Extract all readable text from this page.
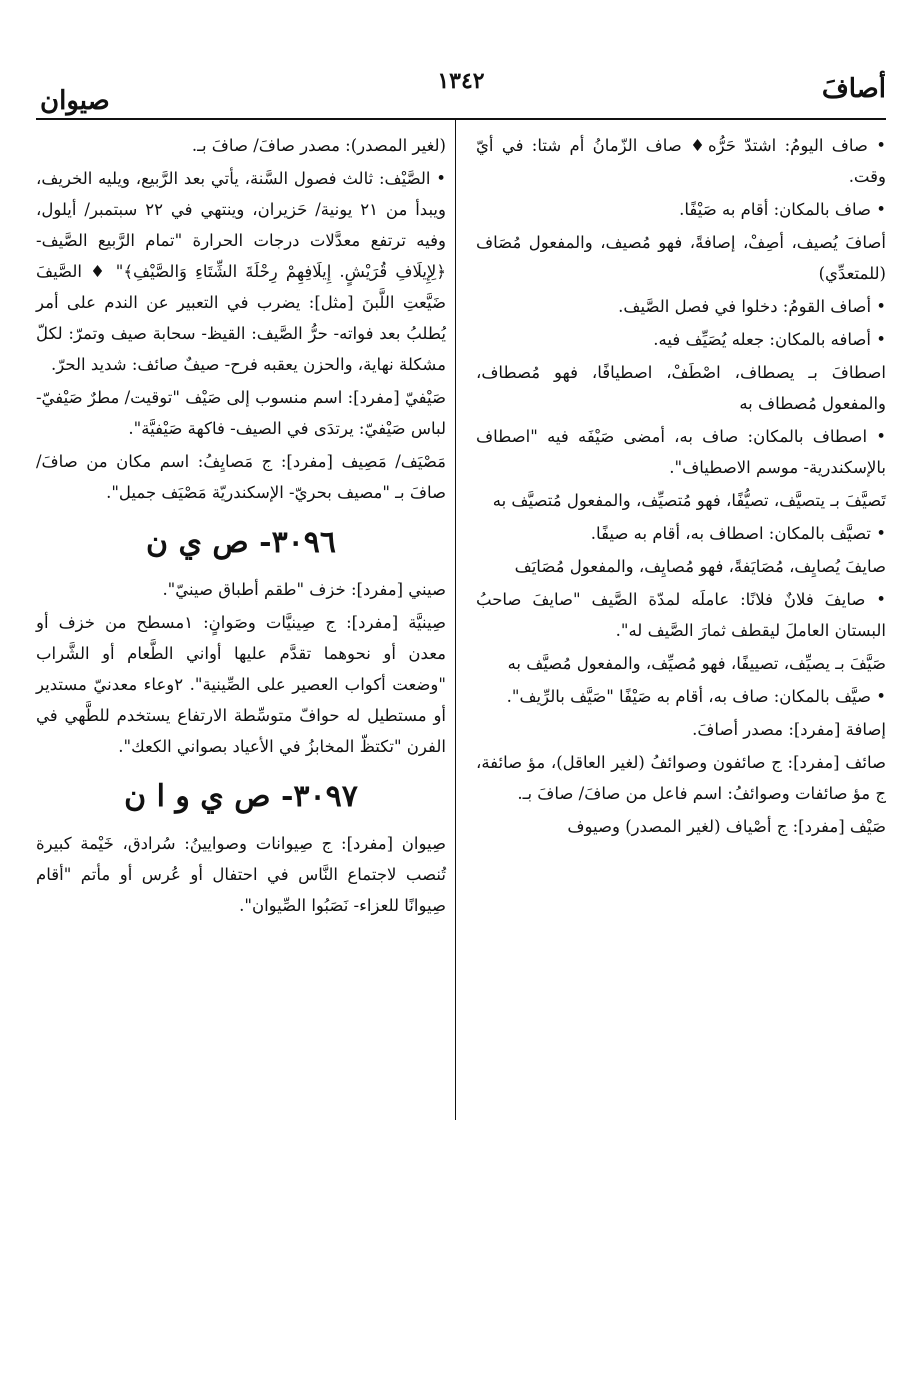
أصافَ
١٣٤٢
صيوان

• صاف اليومُ: اشتدّ حَرُّه♦ صاف الزّمانُ أم شتا: في أيّ وقت.

• صاف بالمكان: أقام به صَيْفًا.

أصافَ يُصيف، أصِفْ، إصافةً، فهو مُصيف، والمفعول مُصَاف (للمتعدِّي)

• أصاف القومُ: دخلوا في فصل الصَّيف.

• أصافه بالمكان: جعله يُصَيِّف فيه.

اصطافَ بـ يصطاف، اصْطَفْ، اصطيافًا، فهو مُصطاف، والمفعول مُصطاف به

• اصطاف بالمكان: صاف به، أمضى صَيْفَه فيه "اصطاف بالإسكندرية- موسم الاصطياف".

تَصيَّفَ بـ يتصيَّف، تصيُّفًا، فهو مُتصيِّف، والمفعول مُتصيَّف به

• تصيَّف بالمكان: اصطاف به، أقام به صيفًا.

صايفَ يُصايِف، مُصَايَفةً، فهو مُصايِف، والمفعول مُصَايَف

• صايفَ فلانٌ فلانًا: عاملَه لمدّة الصَّيف "صايفَ صاحبُ البستان العاملَ ليقطف ثمارَ الصَّيف له".

صَيَّفَ بـ يصيِّف، تصييفًا، فهو مُصيِّف، والمفعول مُصيَّف به

• صيَّف بالمكان: صاف به، أقام به صَيْفًا "صَيَّف بالرِّيف".

إصافة [مفرد]: مصدر أصافَ.

صائف [مفرد]: ج صائفون وصوائفُ (لغير العاقل)، مؤ صائفة، ج مؤ صائفات وصوائفُ: اسم فاعل من صافَ/ صافَ بـ.

صَيْف [مفرد]: ج أصْياف (لغير المصدر) وصيوف

(لغير المصدر): مصدر صافَ/ صافَ بـ.

• الصَّيْف: ثالث فصول السَّنة، يأتي بعد الرَّبيع، ويليه الخريف، ويبدأ من ٢١ يونية/ حَزيران، وينتهي في ٢٢ سبتمبر/ أيلول، وفيه ترتفع معدَّلات درجات الحرارة "تمام الرَّبيع الصَّيف- ﴿لِإِيلَافِ قُرَيْشٍ. إِيلَافِهِمْ رِحْلَةَ الشِّتَاءِ وَالصَّيْفِ﴾" ♦ الصَّيفَ ضَيَّعتِ اللَّبنَ [مثل]: يضرب في التعبير عن الندم على أمر يُطلبُ بعد فواته- حرُّ الصَّيف: القيظ- سحابة صيف وتمرّ: لكلّ مشكلة نهاية، والحزن يعقبه فرح- صيفٌ صائف: شديد الحرّ.

صَيْفيّ [مفرد]: اسم منسوب إلى صَيْف "توقيت/ مطرٌ صَيْفيّ- لباس صَيْفيّ: يرتدَى في الصيف- فاكهة صَيْفيَّة".

مَصْيَف/ مَصِيف [مفرد]: ج مَصايِفُ: اسم مكان من صافَ/ صافَ بـ "مصيف بحريّ- الإسكندريّة مَصْيَف جميل".

٣٠٩٦- ص ي ن

صيني [مفرد]: خزف "طقم أطباق صينيّ".

صِينيَّة [مفرد]: ج صِينيَّات وصَوانٍ: ١مسطح من خزف أو معدن أو نحوهما تقدَّم عليها أواني الطَّعام أو الشَّراب "وضعت أكواب العصير على الصِّينية". ٢وعاء معدنيّ مستدير أو مستطيل له حوافّ متوسِّطة الارتفاع يستخدم للطَّهي في الفرن "تكتظّ المخابزُ في الأعياد بصواني الكعك".

٣٠٩٧- ص ي و ا ن

صِيوان [مفرد]: ج صِيوانات وصوايينُ: سُرادق، خَيْمة كبيرة تُنصب لاجتماع النَّاس في احتفال أو عُرس أو مأتم "أقام صِيوانًا للعزاء- نَصَبُوا الصِّيوان".
